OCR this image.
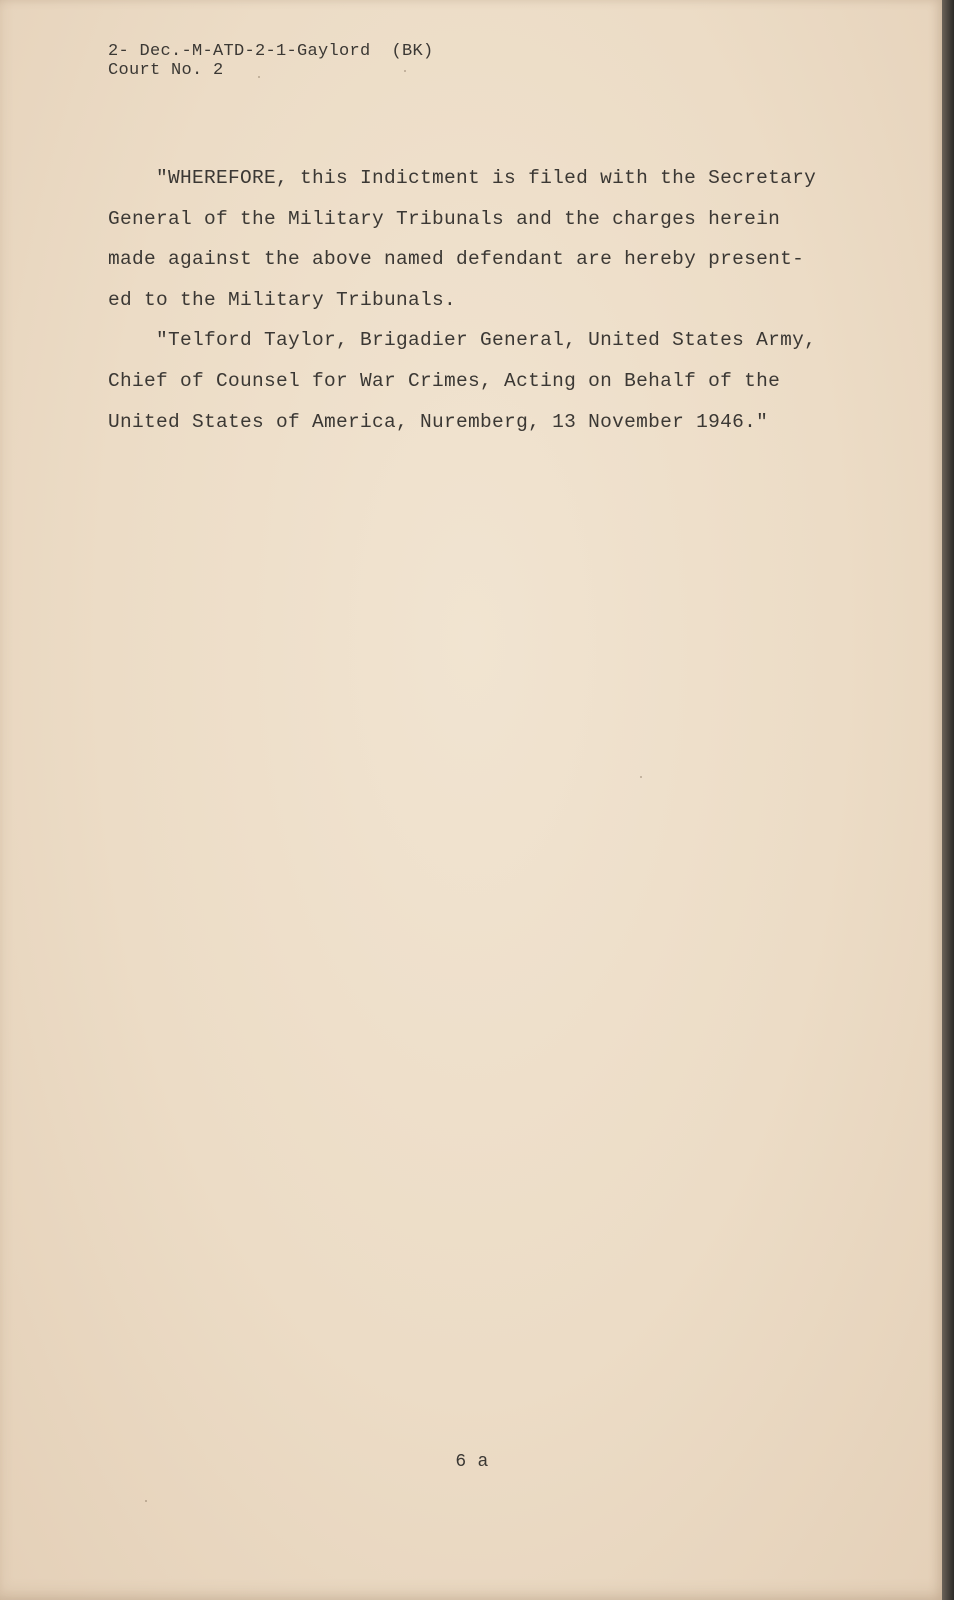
2- Dec.-M-ATD-2-1-Gaylord  (BK)
Court No. 2
"WHEREFORE, this Indictment is filed with the Secretary
General of the Military Tribunals and the charges herein
made against the above named defendant are hereby present-
ed to the Military Tribunals.
"Telford Taylor, Brigadier General, United States Army,
Chief of Counsel for War Crimes, Acting on Behalf of the
United States of America, Nuremberg, 13 November 1946."
6 a
